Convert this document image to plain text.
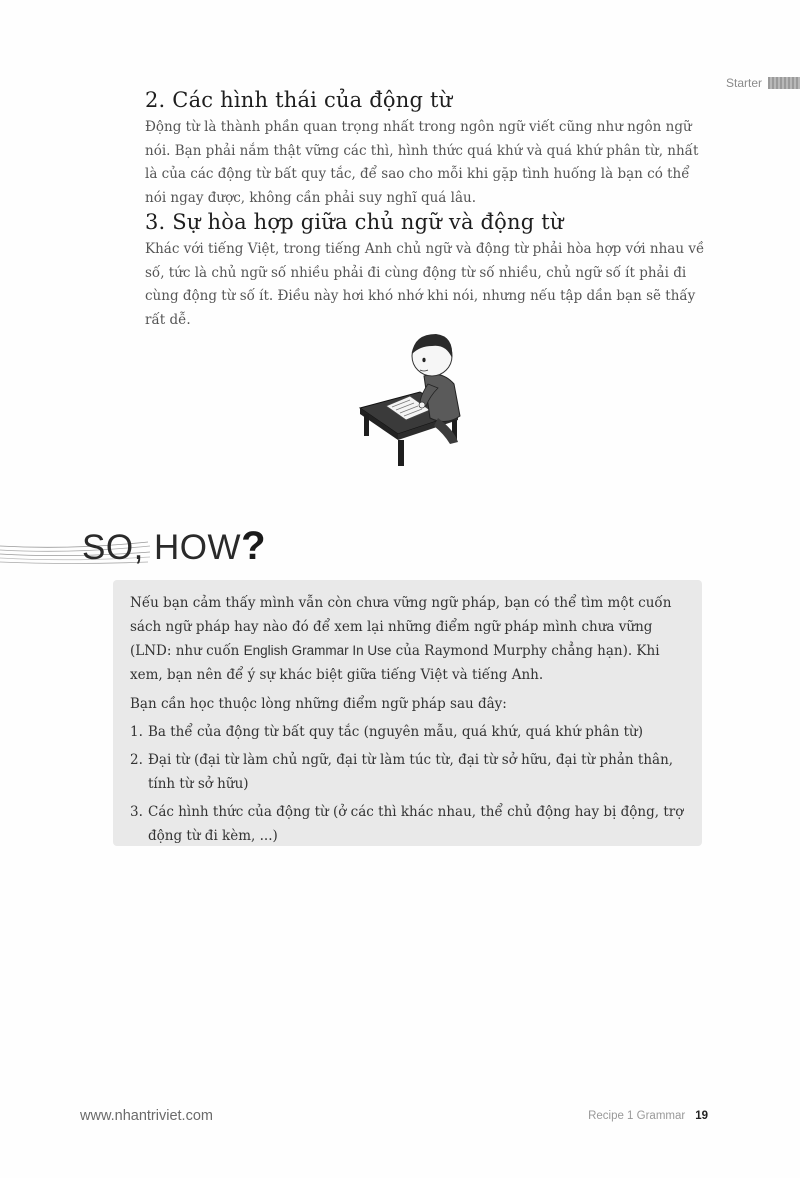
Starter
2. Các hình thái của động từ

Động từ là thành phần quan trọng nhất trong ngôn ngữ viết cũng như ngôn ngữ nói. Bạn phải nắm thật vững các thì, hình thức quá khứ và quá khứ phân từ, nhất là của các động từ bất quy tắc, để sao cho mỗi khi gặp tình huống là bạn có thể nói ngay được, không cần phải suy nghĩ quá lâu.

3. Sự hòa hợp giữa chủ ngữ và động từ

Khác với tiếng Việt, trong tiếng Anh chủ ngữ và động từ phải hòa hợp với nhau về số, tức là chủ ngữ số nhiều phải đi cùng động từ số nhiều, chủ ngữ số ít phải đi cùng động từ số ít. Điều này hơi khó nhớ khi nói, nhưng nếu tập dần bạn sẽ thấy rất dễ.

SO, HOW?

Nếu bạn cảm thấy mình vẫn còn chưa vững ngữ pháp, bạn có thể tìm một cuốn sách ngữ pháp hay nào đó để xem lại những điểm ngữ pháp mình chưa vững (LND: như cuốn English Grammar In Use của Raymond Murphy chẳng hạn). Khi xem, bạn nên để ý sự khác biệt giữa tiếng Việt và tiếng Anh.

Bạn cần học thuộc lòng những điểm ngữ pháp sau đây:

1. Ba thể của động từ bất quy tắc (nguyên mẫu, quá khứ, quá khứ phân từ)
2. Đại từ (đại từ làm chủ ngữ, đại từ làm túc từ, đại từ sở hữu, đại từ phản thân, tính từ sở hữu)
3. Các hình thức của động từ (ở các thì khác nhau, thể chủ động hay bị động, trợ động từ đi kèm, ...)
www.nhantriviet.com	Recipe 1 Grammar 19
